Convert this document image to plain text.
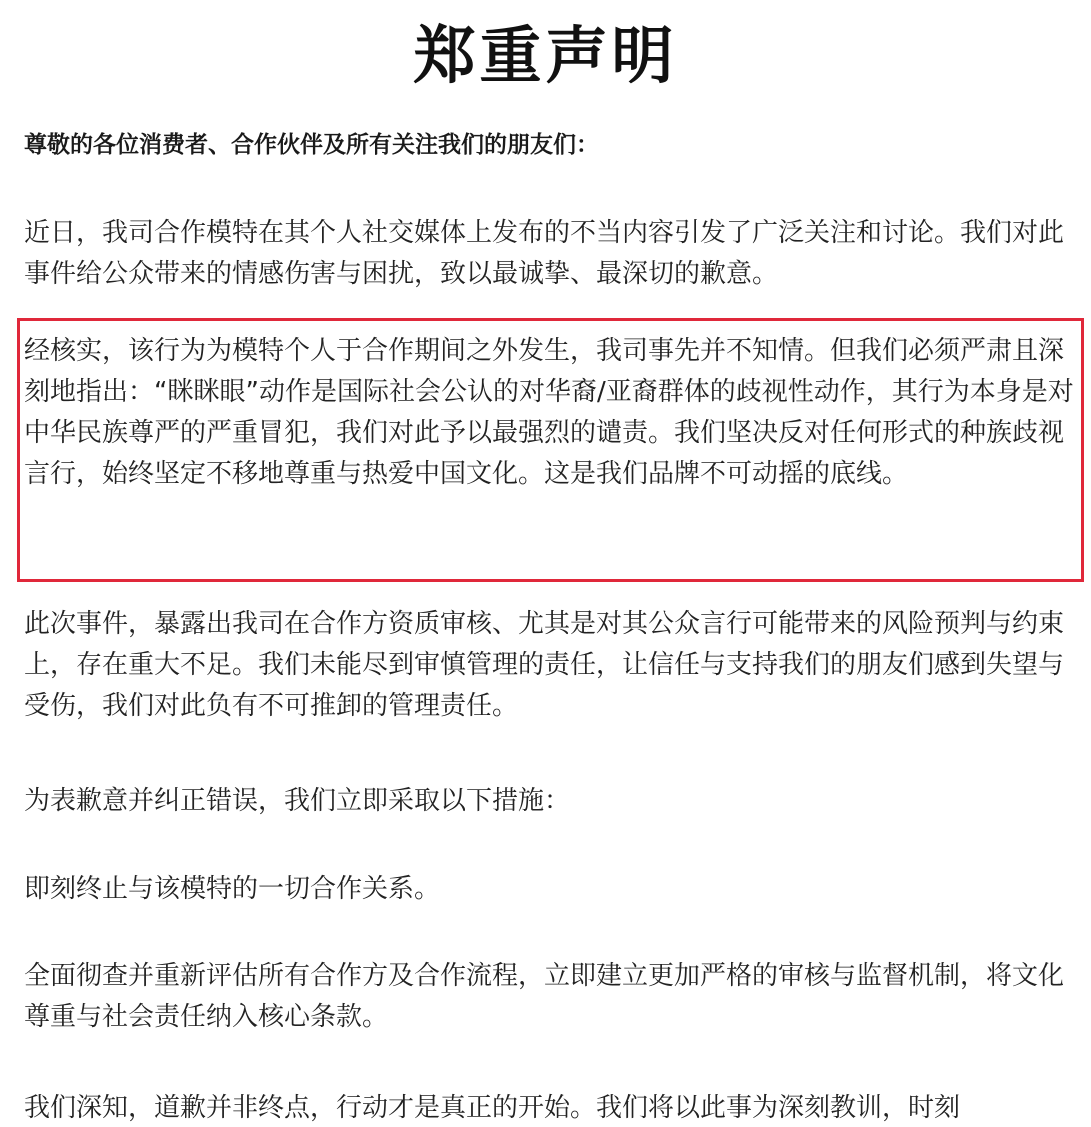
郑重声明
尊敬的各位消费者、合作伙伴及所有关注我们的朋友们：

近日，我司合作模特在其个人社交媒体上发布的不当内容引发了广泛关注和讨论。我们对此事件给公众带来的情感伤害与困扰，致以最诚挚、最深切的歉意。

经核实，该行为为模特个人于合作期间之外发生，我司事先并不知情。但我们必须严肃且深刻地指出：“眯眯眼”动作是国际社会公认的对华裔/亚裔群体的歧视性动作，其行为本身是对中华民族尊严的严重冒犯，我们对此予以最强烈的谴责。我们坚决反对任何形式的种族歧视言行，始终坚定不移地尊重与热爱中国文化。这是我们品牌不可动摇的底线。

此次事件，暴露出我司在合作方资质审核、尤其是对其公众言行可能带来的风险预判与约束上，存在重大不足。我们未能尽到审慎管理的责任，让信任与支持我们的朋友们感到失望与受伤，我们对此负有不可推卸的管理责任。

为表歉意并纠正错误，我们立即采取以下措施：

即刻终止与该模特的一切合作关系。

全面彻查并重新评估所有合作方及合作流程，立即建立更加严格的审核与监督机制，将文化尊重与社会责任纳入核心条款。

我们深知，道歉并非终点，行动才是真正的开始。我们将以此事为深刻教训，时刻
